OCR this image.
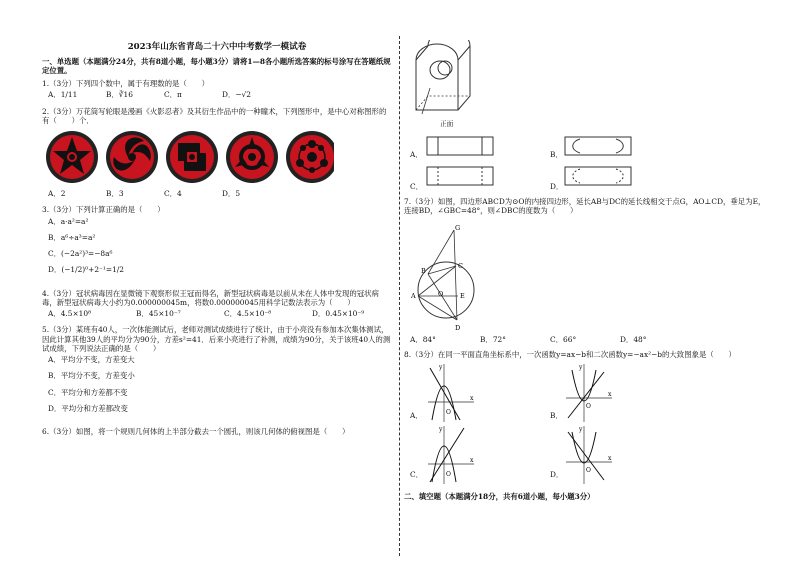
2023年山东省青岛二十六中中考数学一模试卷
一、单选题（本题满分24分，共有8道小题，每小题3分）请将1—8各小题所选答案的标号涂写在答题纸规定位置。
1.（3分）下列四个数中，属于有理数的是（　　）
A．1/11	B．∛16	C．π	D．−√2
2.（3分）万花筒写轮眼是漫画《火影忍者》及其衍生作品中的一种瞳术，下列图形中，是中心对称图形的有（　　）个．
A．2	B．3	C．4	D．5
3.（3分）下列计算正确的是（　　）
A．a·a²=a²
B．a⁶÷a³=a²
C．(−2a²)³=−8a⁶
D．(−1/2)⁰+2⁻¹=1/2
4.（3分）冠状病毒因在显微镜下观察形似王冠而得名，新型冠状病毒是以前从未在人体中发现的冠状病毒，新型冠状病毒大小约为0.000000045m，将数0.000000045用科学记数法表示为（　　）
A．4.5×10⁸	B．45×10⁻⁷	C．4.5×10⁻⁸	D．0.45×10⁻⁹
5.（3分）某班有40人，一次体能测试后，老师对测试成绩进行了统计，由于小亮没有参加本次集体测试，因此计算其他39人的平均分为90分，方差s²=41．后来小亮进行了补测，成绩为90分，关于该班40人的测试成绩，下列说法正确的是（　　）
A．平均分不变，方差变大
B．平均分不变，方差变小
C．平均分和方差都不变
D．平均分和方差都改变
6.（3分）如图，将一个规则几何体的上半部分截去一个圆孔，则该几何体的俯视图是（　　）
正面
A．	B．
C．	D．
7.（3分）如图，四边形ABCD为⊙O的内接四边形，延长AB与DC的延长线相交于点G，AO⊥CD，垂足为E，连接BD，∠GBC=48°，则∠DBC的度数为（　　）
G
B
C
A	O	E
D
A．84°	B．72°	C．66°	D．48°
8.（3分）在同一平面直角坐标系中，一次函数y=ax−b和二次函数y=−ax²−b的大致图象是（　　）
A．	O
y
x
B．
O
y
x
C．	O
y
x
D．	O
y
x
二、填空题（本题满分18分，共有6道小题，每小题3分）
